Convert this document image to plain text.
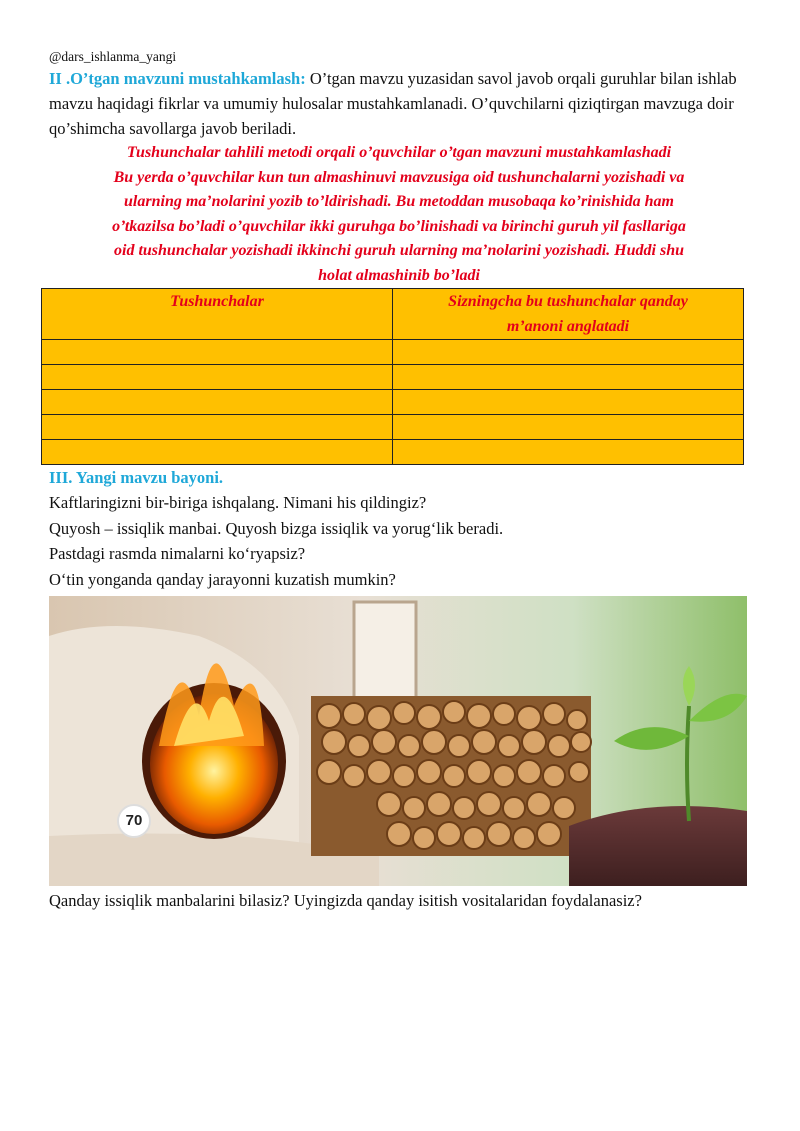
@dars_ishlanma_yangi

II .O’tgan mavzuni mustahkamlash: O’tgan mavzu yuzasidan savol javob orqali guruhlar bilan ishlab mavzu haqidagi fikrlar va umumiy hulosalar mustahkamlanadi. O’quvchilarni qiziqtirgan mavzuga doir qo’shimcha savollarga javob beriladi.

Tushunchalar tahlili metodi orqali o’quvchilar o’tgan mavzuni mustahkamlashadi

Bu yerda o’quvchilar kun tun almashinuvi mavzusiga oid tushunchalarni yozishadi va

ularning ma’nolarini yozib to’ldirishadi. Bu metoddan musobaqa ko’rinishida ham

o’tkazilsa bo’ladi o’quvchilar ikki guruhga bo’linishadi va birinchi guruh yil fasllariga

oid tushunchalar yozishadi ikkinchi guruh ularning ma’nolarini yozishadi. Huddi shu

holat almashinib bo’ladi

Tushunchalar	Sizningcha bu tushunchalar qanday m’anoni anglatadi

III. Yangi mavzu bayoni.

Kaftlaringizni bir-biriga ishqalang. Nimani his qildingiz?

Quyosh – issiqlik manbai. Quyosh bizga issiqlik va yorug‘lik beradi.

Pastdagi rasmda nimalarni ko‘ryapsiz?

O‘tin yonganda qanday jarayonni kuzatish mumkin?

70

Qanday issiqlik manbalarini bilasiz? Uyingizda qanday isitish vositalaridan foydalanasiz?
